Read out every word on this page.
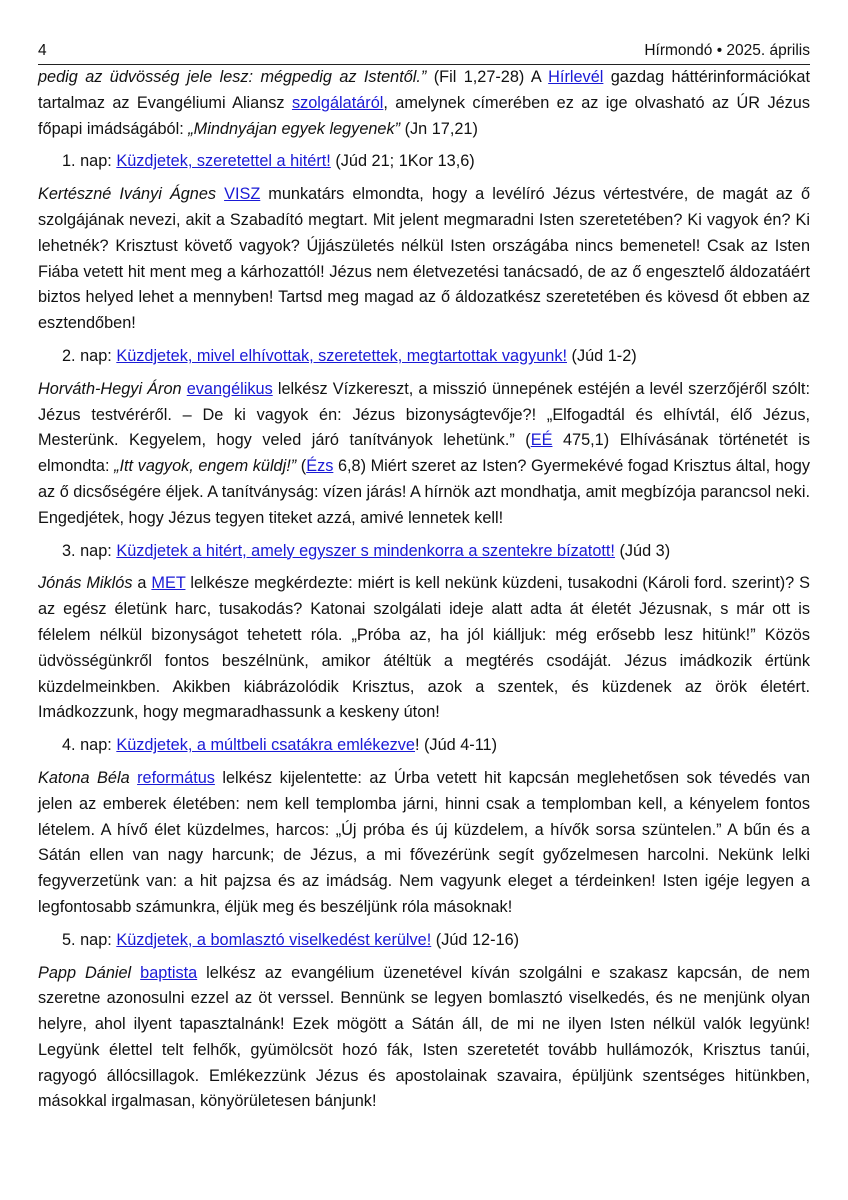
4	Hírmondó • 2025. április

pedig az üdvösség jele lesz: mégpedig az Istentől.” (Fil 1,27-28) A Hírlevél gazdag háttérinformációkat tartalmaz az Evangéliumi Aliansz szolgálatáról, amelynek címerében ez az ige olvasható az ÚR Jézus főpapi imádságából: „Mindnyájan egyek legyenek” (Jn 17,21)

1. nap: Küzdjetek, szeretettel a hitért! (Júd 21; 1Kor 13,6)

Kertészné Iványi Ágnes VISZ munkatárs elmondta, hogy a levélíró Jézus vértestvére, de magát az ő szolgájának nevezi, akit a Szabadító megtart. Mit jelent megmaradni Isten szeretetében? Ki vagyok én? Ki lehetnék? Krisztust követő vagyok? Újjászületés nélkül Isten országába nincs bemenetel! Csak az Isten Fiába vetett hit ment meg a kárhozattól! Jézus nem életvezetési tanácsadó, de az ő engesztelő áldozatáért biztos helyed lehet a mennyben! Tartsd meg magad az ő áldozatkész szeretetében és kövesd őt ebben az esztendőben!

2. nap: Küzdjetek, mivel elhívottak, szeretettek, megtartottak vagyunk! (Júd 1-2)

Horváth-Hegyi Áron evangélikus lelkész Vízkereszt, a misszió ünnepének estéjén a levél szerzőjéről szólt: Jézus testvéréről. – De ki vagyok én: Jézus bizonyságtevője?! „Elfogadtál és elhívtál, élő Jézus, Mesterünk. Kegyelem, hogy veled járó tanítványok lehetünk.” (EÉ 475,1) Elhívásának történetét is elmondta: „Itt vagyok, engem küldj!” (Ézs 6,8) Miért szeret az Isten? Gyermekévé fogad Krisztus által, hogy az ő dicsőségére éljek. A tanítványság: vízen járás! A hírnök azt mondhatja, amit megbízója parancsol neki. Engedjétek, hogy Jézus tegyen titeket azzá, amivé lennetek kell!

3. nap: Küzdjetek a hitért, amely egyszer s mindenkorra a szentekre bízatott! (Júd 3)

Jónás Miklós a MET lelkésze megkérdezte: miért is kell nekünk küzdeni, tusakodni (Károli ford. szerint)? S az egész életünk harc, tusakodás? Katonai szolgálati ideje alatt adta át életét Jézusnak, s már ott is félelem nélkül bizonyságot tehetett róla. „Próba az, ha jól kiálljuk: még erősebb lesz hitünk!” Közös üdvösségünkről fontos beszélnünk, amikor átéltük a megtérés csodáját. Jézus imádkozik értünk küzdelmeinkben. Akikben kiábrázolódik Krisztus, azok a szentek, és küzdenek az örök életért. Imádkozzunk, hogy megmaradhassunk a keskeny úton!

4. nap: Küzdjetek, a múltbeli csatákra emlékezve! (Júd 4-11)

Katona Béla református lelkész kijelentette: az Úrba vetett hit kapcsán meglehetősen sok tévedés van jelen az emberek életében: nem kell templomba járni, hinni csak a templomban kell, a kényelem fontos lételem. A hívő élet küzdelmes, harcos: „Új próba és új küzdelem, a hívők sorsa szüntelen.” A bűn és a Sátán ellen van nagy harcunk; de Jézus, a mi fővezérünk segít győzelmesen harcolni. Nekünk lelki fegyverzetünk van: a hit pajzsa és az imádság. Nem vagyunk eleget a térdeinken! Isten igéje legyen a legfontosabb számunkra, éljük meg és beszéljünk róla másoknak!

5. nap: Küzdjetek, a bomlasztó viselkedést kerülve! (Júd 12-16)

Papp Dániel baptista lelkész az evangélium üzenetével kíván szolgálni e szakasz kapcsán, de nem szeretne azonosulni ezzel az öt verssel. Bennünk se legyen bomlasztó viselkedés, és ne menjünk olyan helyre, ahol ilyent tapasztalnánk! Ezek mögött a Sátán áll, de mi ne ilyen Isten nélkül valók legyünk! Legyünk élettel telt felhők, gyümölcsöt hozó fák, Isten szeretetét tovább hullámozók, Krisztus tanúi, ragyogó állócsillagok. Emlékezzünk Jézus és apostolainak szavaira, épüljünk szentséges hitünkben, másokkal irgalmasan, könyörületesen bánjunk!
